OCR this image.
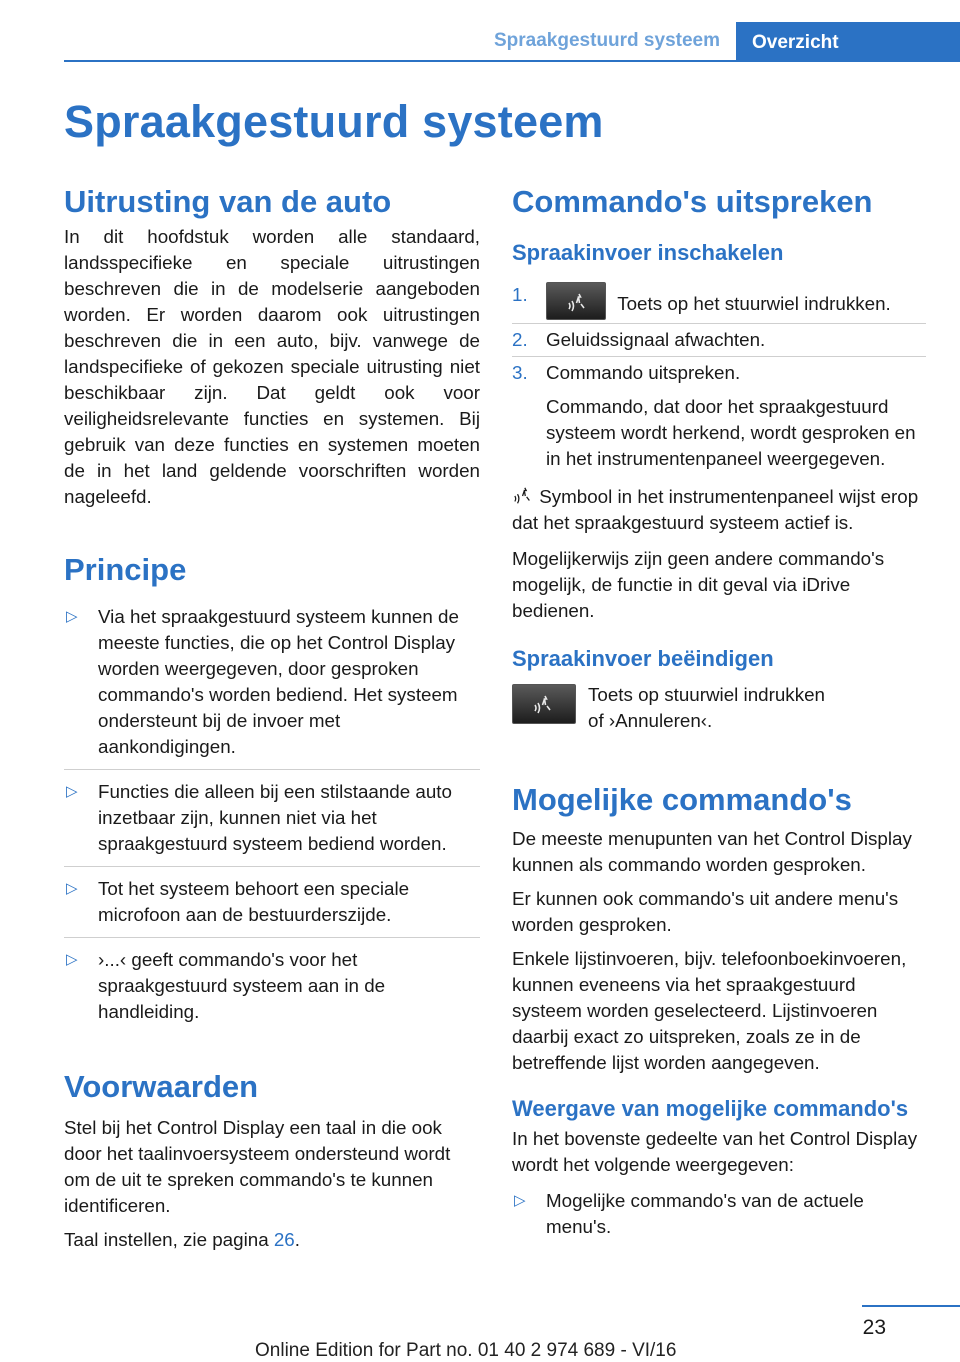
Spraakgestuurd systeem	Overzicht
Spraakgestuurd systeem
Uitrusting van de auto

In dit hoofdstuk worden alle standaard, landsspecifieke en speciale uitrustingen beschreven die in de modelserie aangeboden worden. Er worden daarom ook uitrustingen beschreven die in een auto, bijv. vanwege de landspecifieke of gekozen speciale uitrusting niet beschikbaar zijn. Dat geldt ook voor veiligheidsrelevante functies en systemen. Bij gebruik van deze functies en systemen moeten de in het land geldende voorschriften worden nageleefd.

Principe
▷ Via het spraakgestuurd systeem kunnen de meeste functies, die op het Control Display worden weergegeven, door gesproken commando's worden bediend. Het systeem ondersteunt bij de invoer met aankondigingen.
▷ Functies die alleen bij een stilstaande auto inzetbaar zijn, kunnen niet via het spraakgestuurd systeem bediend worden.
▷ Tot het systeem behoort een speciale microfoon aan de bestuurderszijde.
▷ ›...‹ geeft commando's voor het spraakgestuurd systeem aan in de handleiding.
Voorwaarden

Stel bij het Control Display een taal in die ook door het taalinvoersysteem ondersteund wordt om de uit te spreken commando's te kunnen identificeren.

Taal instellen, zie pagina 26.

Commando's uitspreken
Spraakinvoer inschakelen
1.	Toets op het stuurwiel indrukken.
2. Geluidssignaal afwachten.
3. Commando uitspreken.
Commando, dat door het spraakgestuurd systeem wordt herkend, wordt gesproken en in het instrumentenpaneel weergegeven.

Symbool in het instrumentenpaneel wijst erop dat het spraakgestuurd systeem actief is.

Mogelijkerwijs zijn geen andere commando's mogelijk, de functie in dit geval via iDrive bedienen.

Spraakinvoer beëindigen
Toets op stuurwiel indrukken
of ›Annuleren‹.
Mogelijke commando's

De meeste menupunten van het Control Display kunnen als commando worden gesproken.

Er kunnen ook commando's uit andere menu's worden gesproken.

Enkele lijstinvoeren, bijv. telefoonboekinvoeren, kunnen eveneens via het spraakgestuurd systeem worden geselecteerd. Lijstinvoeren daarbij exact zo uitspreken, zoals ze in de betreffende lijst worden aangegeven.

Weergave van mogelijke commando's

In het bovenste gedeelte van het Control Display wordt het volgende weergegeven:

▷ Mogelijke commando's van de actuele menu's.
23
Online Edition for Part no. 01 40 2 974 689 - VI/16
